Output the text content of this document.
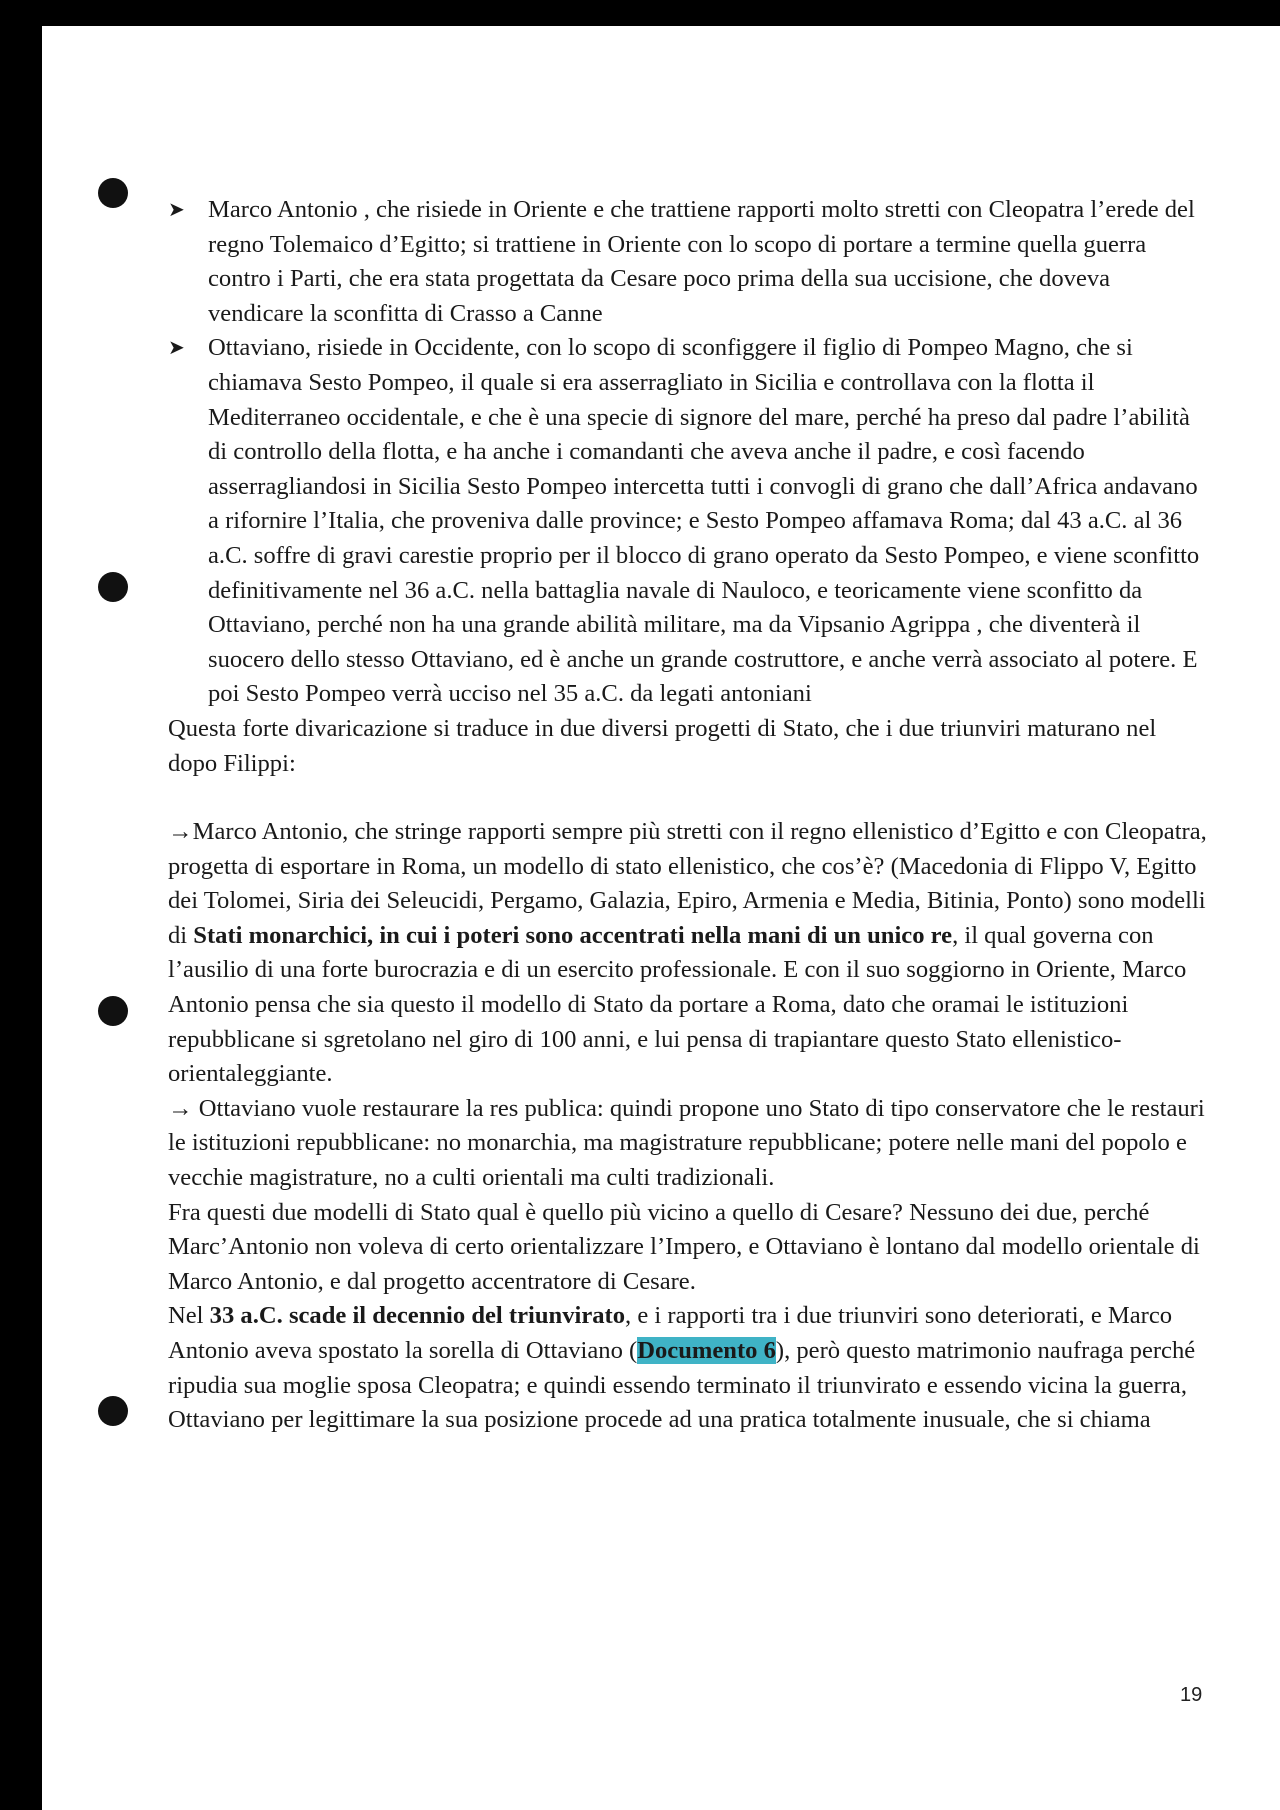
➤ Marco Antonio , che risiede in Oriente e che trattiene rapporti molto stretti con Cleopatra l’erede del regno Tolemaico d’Egitto; si trattiene in Oriente con lo scopo di portare a termine quella guerra contro i Parti, che era stata progettata da Cesare poco prima della sua uccisione, che doveva vendicare la sconfitta di Crasso a Canne

➤ Ottaviano, risiede in Occidente, con lo scopo di sconfiggere il figlio di Pompeo Magno, che si chiamava Sesto Pompeo, il quale si era asserragliato in Sicilia e controllava con la flotta il Mediterraneo occidentale, e che è una specie di signore del mare, perché ha preso dal padre l’abilità di controllo della flotta, e ha anche i comandanti che aveva anche il padre, e così facendo asserragliandosi in Sicilia Sesto Pompeo intercetta tutti i convogli di grano che dall’Africa andavano a rifornire l’Italia, che proveniva dalle province; e Sesto Pompeo affamava Roma; dal 43 a.C. al 36 a.C. soffre di gravi carestie proprio per il blocco di grano operato da Sesto Pompeo, e viene sconfitto definitivamente nel 36 a.C. nella battaglia navale di Nauloco, e teoricamente viene sconfitto da Ottaviano, perché non ha una grande abilità militare, ma da Vipsanio Agrippa , che diventerà il suocero dello stesso Ottaviano, ed è anche un grande costruttore, e anche verrà associato al potere. E poi Sesto Pompeo verrà ucciso nel 35 a.C. da legati antoniani

Questa forte divaricazione si traduce in due diversi progetti di Stato, che i due triunviri maturano nel dopo Filippi:

→Marco Antonio, che stringe rapporti sempre più stretti con il regno ellenistico d’Egitto e con Cleopatra, progetta di esportare in Roma, un modello di stato ellenistico, che cos’è? (Macedonia di Flippo V, Egitto dei Tolomei, Siria dei Seleucidi, Pergamo, Galazia, Epiro, Armenia e Media, Bitinia, Ponto) sono modelli di Stati monarchici, in cui i poteri sono accentrati nella mani di un unico re, il qual governa con l’ausilio di una forte burocrazia e di un esercito professionale. E con il suo soggiorno in Oriente, Marco Antonio pensa che sia questo il modello di Stato da portare a Roma, dato che oramai le istituzioni repubblicane si sgretolano nel giro di 100 anni, e lui pensa di trapiantare questo Stato ellenistico-orientaleggiante.

→ Ottaviano vuole restaurare la res publica: quindi propone uno Stato di tipo conservatore che le restauri le istituzioni repubblicane: no monarchia, ma magistrature repubblicane; potere nelle mani del popolo e vecchie magistrature, no a culti orientali ma culti tradizionali.

Fra questi due modelli di Stato qual è quello più vicino a quello di Cesare? Nessuno dei due, perché Marc’Antonio non voleva di certo orientalizzare l’Impero, e Ottaviano è lontano dal modello orientale di Marco Antonio, e dal progetto accentratore di Cesare.

Nel 33 a.C. scade il decennio del triunvirato, e i rapporti tra i due triunviri sono deteriorati, e Marco Antonio aveva spostato la sorella di Ottaviano (Documento 6), però questo matrimonio naufraga perché ripudia sua moglie sposa Cleopatra; e quindi essendo terminato il triunvirato e essendo vicina la guerra, Ottaviano per legittimare la sua posizione procede ad una pratica totalmente inusuale, che si chiama

19
